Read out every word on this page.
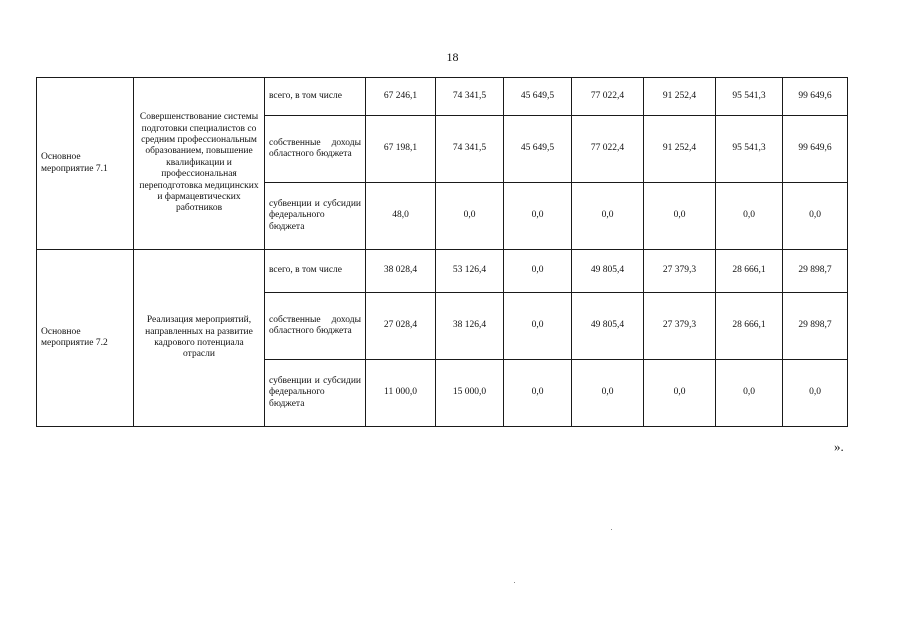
18
Основное мероприятие 7.1	Совершенствование системы подготовки специалистов со средним профессиональным образованием, повышение квалификации и профессиональная переподготовка медицинских и фармацевтических работников	всего, в том числе	67 246,1	74 341,5	45 649,5	77 022,4	91 252,4	95 541,3	99 649,6
		собственные доходы областного бюджета	67 198,1	74 341,5	45 649,5	77 022,4	91 252,4	95 541,3	99 649,6
		субвенции и субсидии федерального бюджета	48,0	0,0	0,0	0,0	0,0	0,0	0,0
Основное мероприятие 7.2	Реализация мероприятий, направленных на развитие кадрового потенциала отрасли	всего, в том числе	38 028,4	53 126,4	0,0	49 805,4	27 379,3	28 666,1	29 898,7
		собственные доходы областного бюджета	27 028,4	38 126,4	0,0	49 805,4	27 379,3	28 666,1	29 898,7
		субвенции и субсидии федерального бюджета	11 000,0	15 000,0	0,0	0,0	0,0	0,0	0,0
».
